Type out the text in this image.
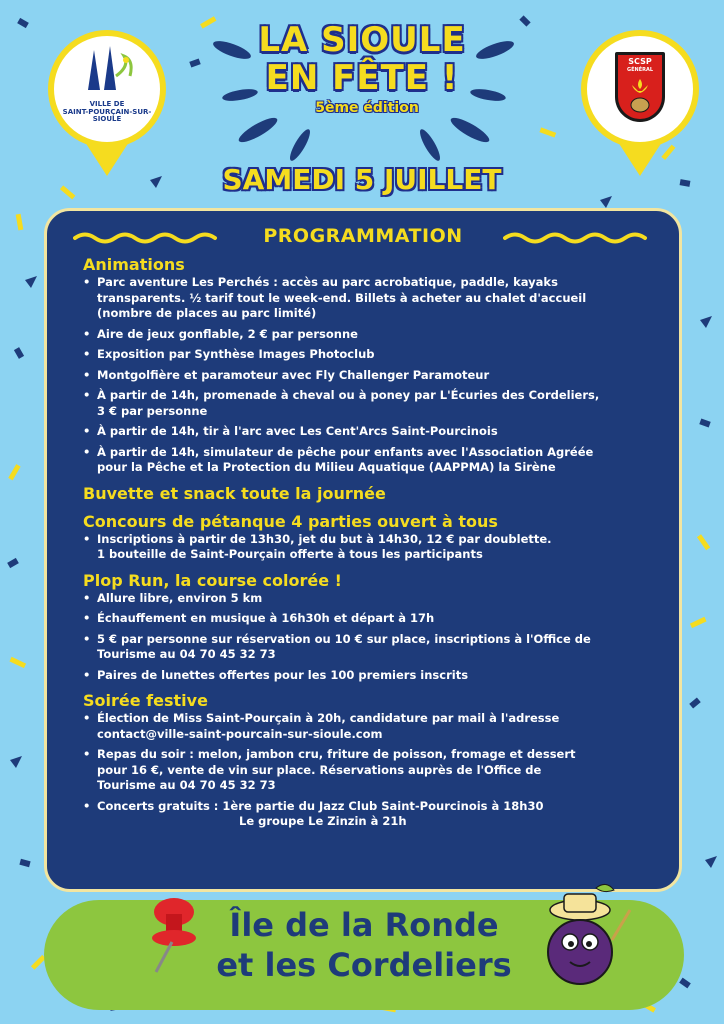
VILLE DE
SAINT-POURÇAIN-SUR-SIOULE
SCSP
GÉNÉRAL
LA SIOULE
EN FÊTE !
5ème édition
SAMEDI 5 JUILLET
PROGRAMMATION
Animations
• Parc aventure Les Perchés : accès au parc acrobatique, paddle, kayaks
transparents. ½ tarif tout le week-end. Billets à acheter au chalet d'accueil
(nombre de places au parc limité)
• Aire de jeux gonflable, 2 € par personne
• Exposition par Synthèse Images Photoclub
• Montgolfière et paramoteur avec Fly Challenger Paramoteur
• À partir de 14h, promenade à cheval ou à poney par L'Écuries des Cordeliers,
3 € par personne
• À partir de 14h, tir à l'arc avec Les Cent'Arcs Saint-Pourcinois
• À partir de 14h, simulateur de pêche pour enfants avec l'Association Agréée
pour la Pêche et la Protection du Milieu Aquatique (AAPPMA) la Sirène
Buvette et snack toute la journée
Concours de pétanque 4 parties ouvert à tous
• Inscriptions à partir de 13h30, jet du but à 14h30, 12 € par doublette.
1 bouteille de Saint-Pourçain offerte à tous les participants
Plop Run, la course colorée !
• Allure libre, environ 5 km
• Échauffement en musique à 16h30h et départ à 17h
• 5 € par personne sur réservation ou 10 € sur place, inscriptions à l'Office de
Tourisme au 04 70 45 32 73
• Paires de lunettes offertes pour les 100 premiers inscrits
Soirée festive
• Élection de Miss Saint-Pourçain à 20h, candidature par mail à l'adresse
contact@ville-saint-pourcain-sur-sioule.com
• Repas du soir : melon, jambon cru, friture de poisson, fromage et dessert
pour 16 €, vente de vin sur place. Réservations auprès de l'Office de
Tourisme au 04 70 45 32 73
• Concerts gratuits : 1ère partie du Jazz Club Saint-Pourcinois à 18h30
Le groupe Le Zinzin à 21h
Île de la Ronde
et les Cordeliers
